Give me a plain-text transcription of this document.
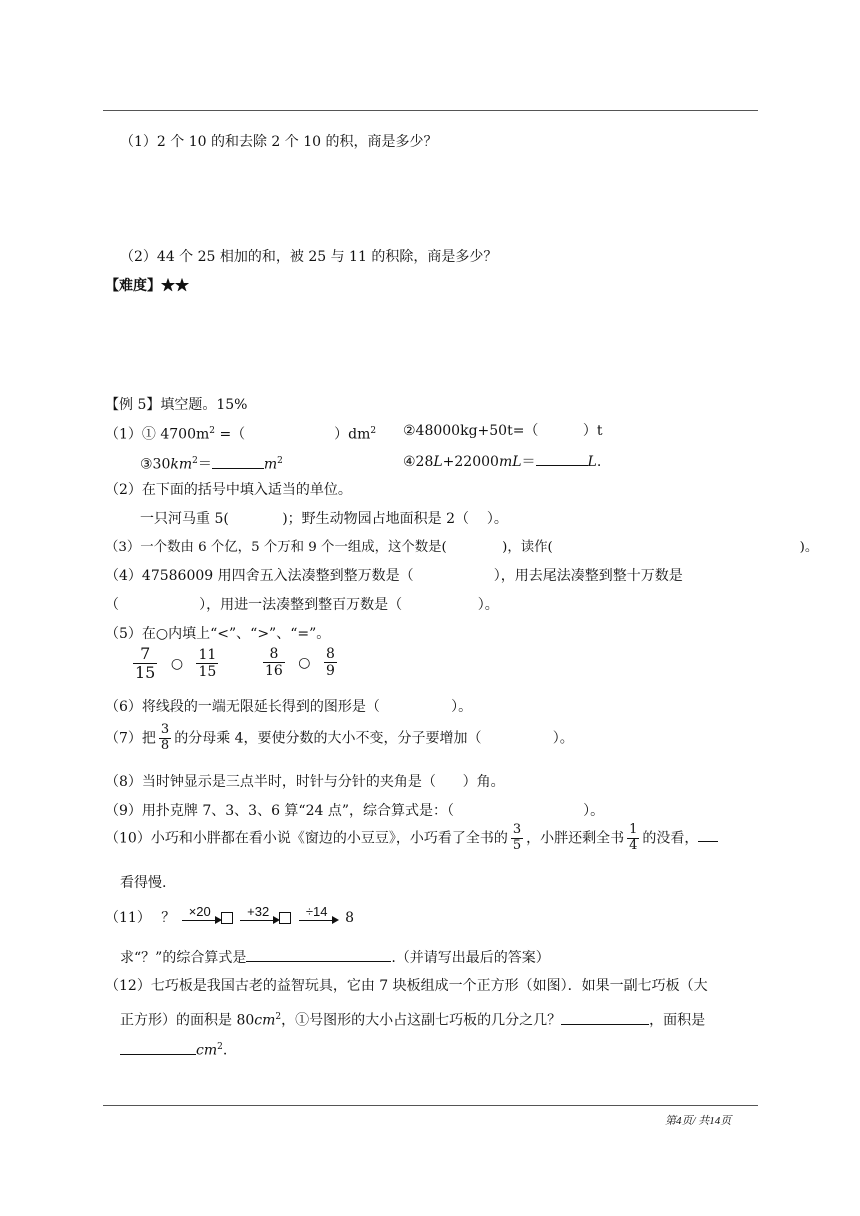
（1）2 个 10 的和去除 2 个 10 的积，商是多少？
（2）44 个 25 相加的和，被 25 与 11 的积除，商是多少？
【难度】★★
【例 5】填空题。15%
（1）① $4700m^2$ =（                    ）$dm^2$ ②48000kg+50t=（          ）t
$③30km^2=$	$m^2$	④28L+22000mL＝	L.
（2）在下面的括号中填入适当的单位。
一只河马重 5(            )；野生动物园占地面积是 2（    ）。
（3）一个数由 6 个亿，5 个万和 9 个一组成，这个数是(             )，读作(                                                          )。
（4）47586009 用四舍五入法凑整到整万数是（                  ），用去尾法凑整到整十万数是
（                  ），用进一法凑整到整百万数是（                 ）。
（5）在○内填上“<”、“>”、“=”。
$\frac{7}{15}$ ○ $\frac{11}{15}$	$\frac{8}{16}$ ○ $\frac{8}{9}$
（6）将线段的一端无限延长得到的图形是（                ）。
（7）把 $\frac{3}{8}$ 的分母乘 4，要使分数的大小不变，分子要增加（                ）。
（8）当时钟显示是三点半时，时针与分针的夹角是（      ）角。
（9）用扑克牌 7、3、3、6 算“24 点”，综合算式是：（                             ）。
（10）小巧和小胖都在看小说《窗边的小豆豆》，小巧看了全书的 $\frac{3}{5}$ ，小胖还剩全书 $\frac{1}{4}$ 的没看，
看得慢.
（11） ？	×20
	+32
	÷14	8
求“？”的综合算式是	.（并请写出最后的答案）
（12）七巧板是我国古老的益智玩具，它由 7 块板组成一个正方形（如图）．如果一副七巧板（大
正方形）的面积是 $80cm^2$，①号图形的大小占这副七巧板的几分之几？	，面积是
$cm^2$.
第4页/ 共14页
